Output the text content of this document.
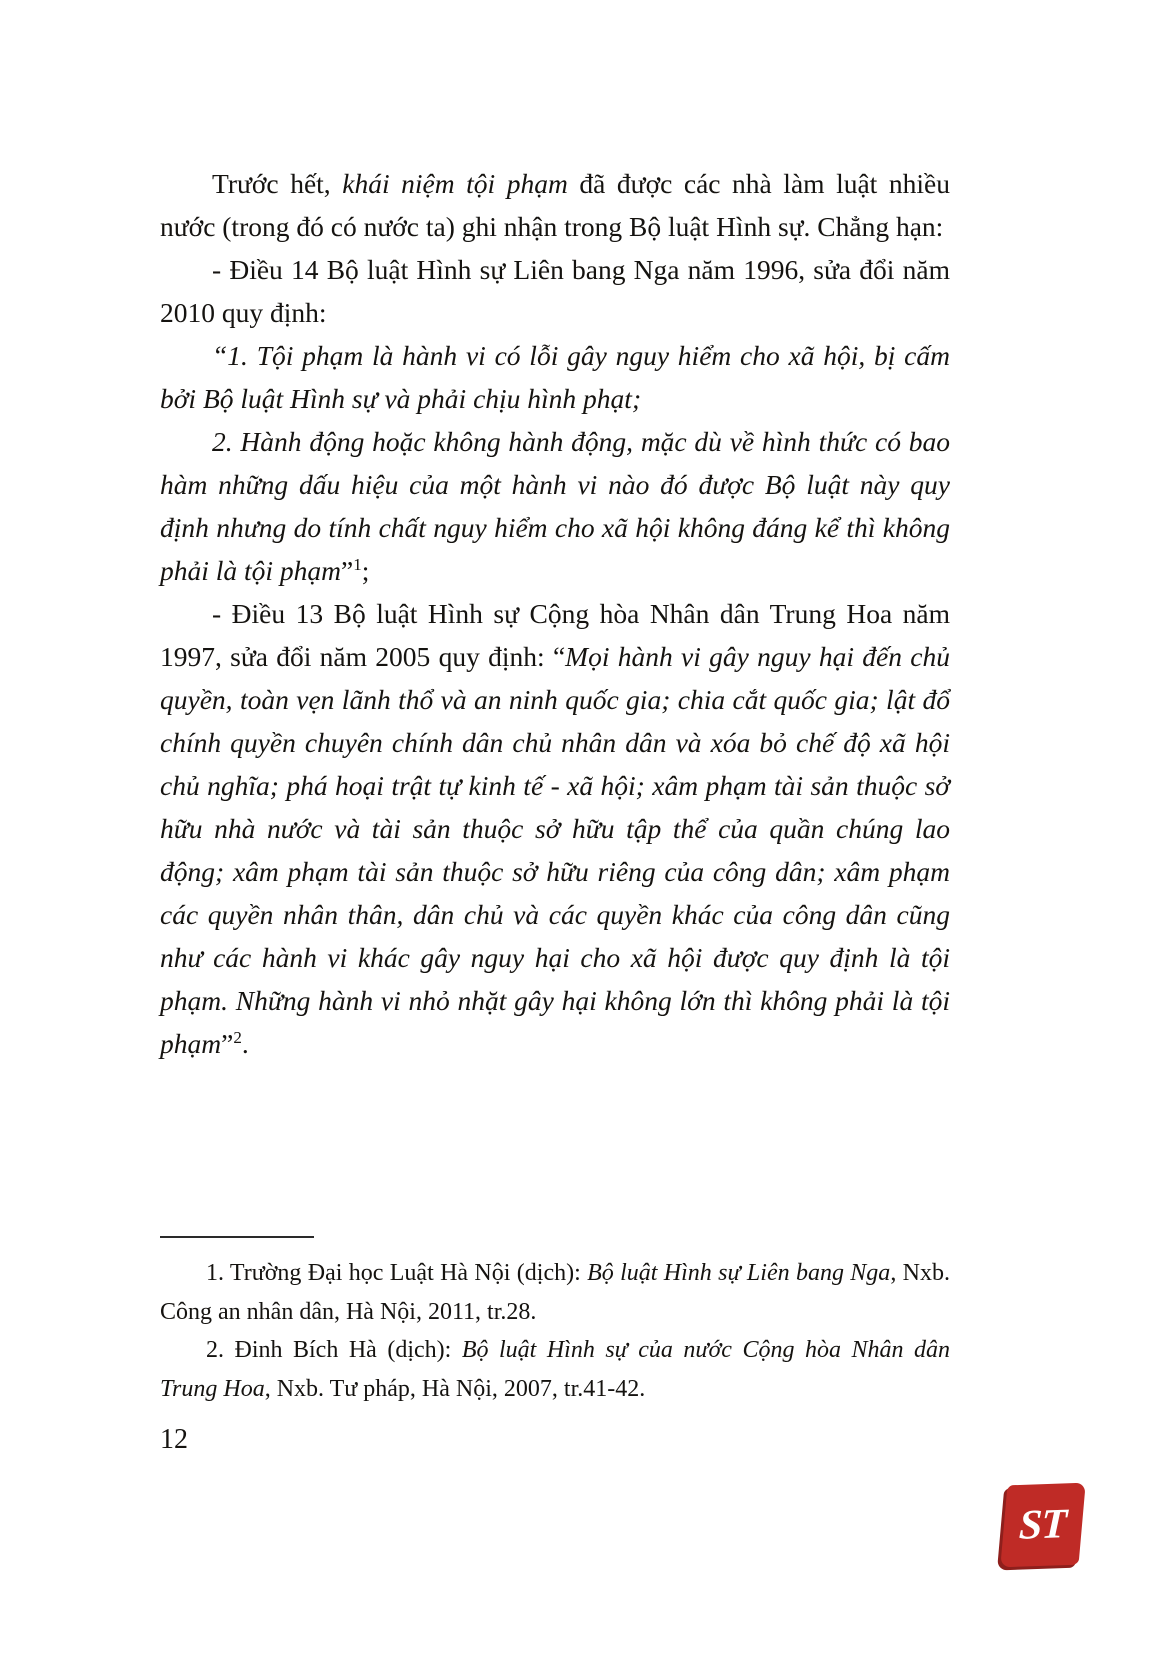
Trước hết, khái niệm tội phạm đã được các nhà làm luật nhiều nước (trong đó có nước ta) ghi nhận trong Bộ luật Hình sự. Chẳng hạn:

- Điều 14 Bộ luật Hình sự Liên bang Nga năm 1996, sửa đổi năm 2010 quy định:

“1. Tội phạm là hành vi có lỗi gây nguy hiểm cho xã hội, bị cấm bởi Bộ luật Hình sự và phải chịu hình phạt;

2. Hành động hoặc không hành động, mặc dù về hình thức có bao hàm những dấu hiệu của một hành vi nào đó được Bộ luật này quy định nhưng do tính chất nguy hiểm cho xã hội không đáng kể thì không phải là tội phạm”$^1$;

- Điều 13 Bộ luật Hình sự Cộng hòa Nhân dân Trung Hoa năm 1997, sửa đổi năm 2005 quy định: “Mọi hành vi gây nguy hại đến chủ quyền, toàn vẹn lãnh thổ và an ninh quốc gia; chia cắt quốc gia; lật đổ chính quyền chuyên chính dân chủ nhân dân và xóa bỏ chế độ xã hội chủ nghĩa; phá hoại trật tự kinh tế - xã hội; xâm phạm tài sản thuộc sở hữu nhà nước và tài sản thuộc sở hữu tập thể của quần chúng lao động; xâm phạm tài sản thuộc sở hữu riêng của công dân; xâm phạm các quyền nhân thân, dân chủ và các quyền khác của công dân cũng như các hành vi khác gây nguy hại cho xã hội được quy định là tội phạm. Những hành vi nhỏ nhặt gây hại không lớn thì không phải là tội phạm”$^2$.

1. Trường Đại học Luật Hà Nội (dịch): Bộ luật Hình sự Liên bang Nga, Nxb. Công an nhân dân, Hà Nội, 2011, tr.28.

2. Đinh Bích Hà (dịch): Bộ luật Hình sự của nước Cộng hòa Nhân dân Trung Hoa, Nxb. Tư pháp, Hà Nội, 2007, tr.41-42.

12
ST
